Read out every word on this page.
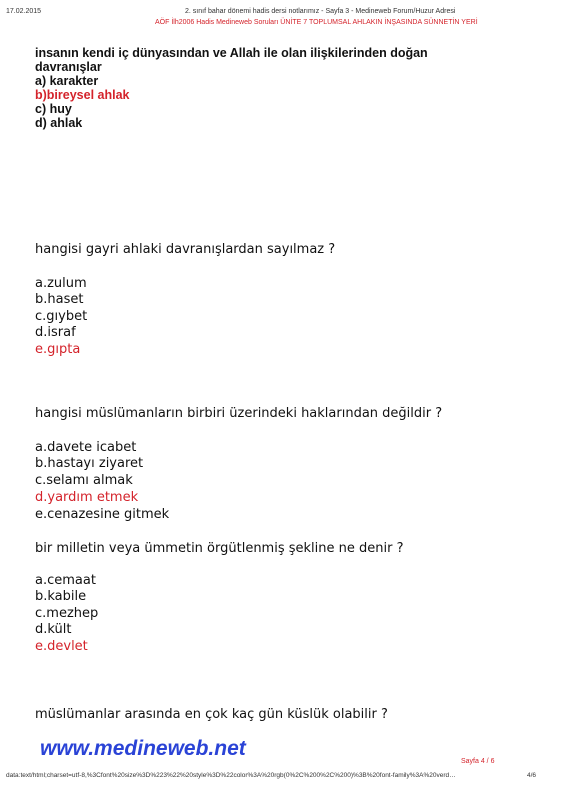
17.02.2015	2. sınıf bahar dönemi hadis dersi notlarımız - Sayfa 3 - Medineweb Forum/Huzur Adresi
AÖF İlh2006 Hadis Medineweb Soruları ÜNİTE 7 TOPLUMSAL AHLAKIN İNŞASINDA SÜNNETİN YERİ
insanın kendi iç dünyasından ve Allah ile olan ilişkilerinden doğan
davranışlar
a) karakter
b)bireysel ahlak
c) huy
d) ahlak
hangisi gayri ahlaki davranışlardan sayılmaz ?
a.zulum
b.haset
c.gıybet
d.israf
e.gıpta
hangisi müslümanların birbiri üzerindeki haklarından değildir ?
a.davete icabet
b.hastayı ziyaret
c.selamı almak
d.yardım etmek
e.cenazesine gitmek
bir milletin veya ümmetin örgütlenmiş şekline ne denir ?
a.cemaat
b.kabile
c.mezhep
d.kült
e.devlet
müslümanlar arasında en çok kaç gün küslük olabilir ?
www.medineweb.net
Sayfa 4 / 6
data:text/html;charset=utf-8,%3Cfont%20size%3D%223%22%20style%3D%22color%3A%20rgb(0%2C%200%2C%200)%3B%20font-family%3A%20verd…	4/6
